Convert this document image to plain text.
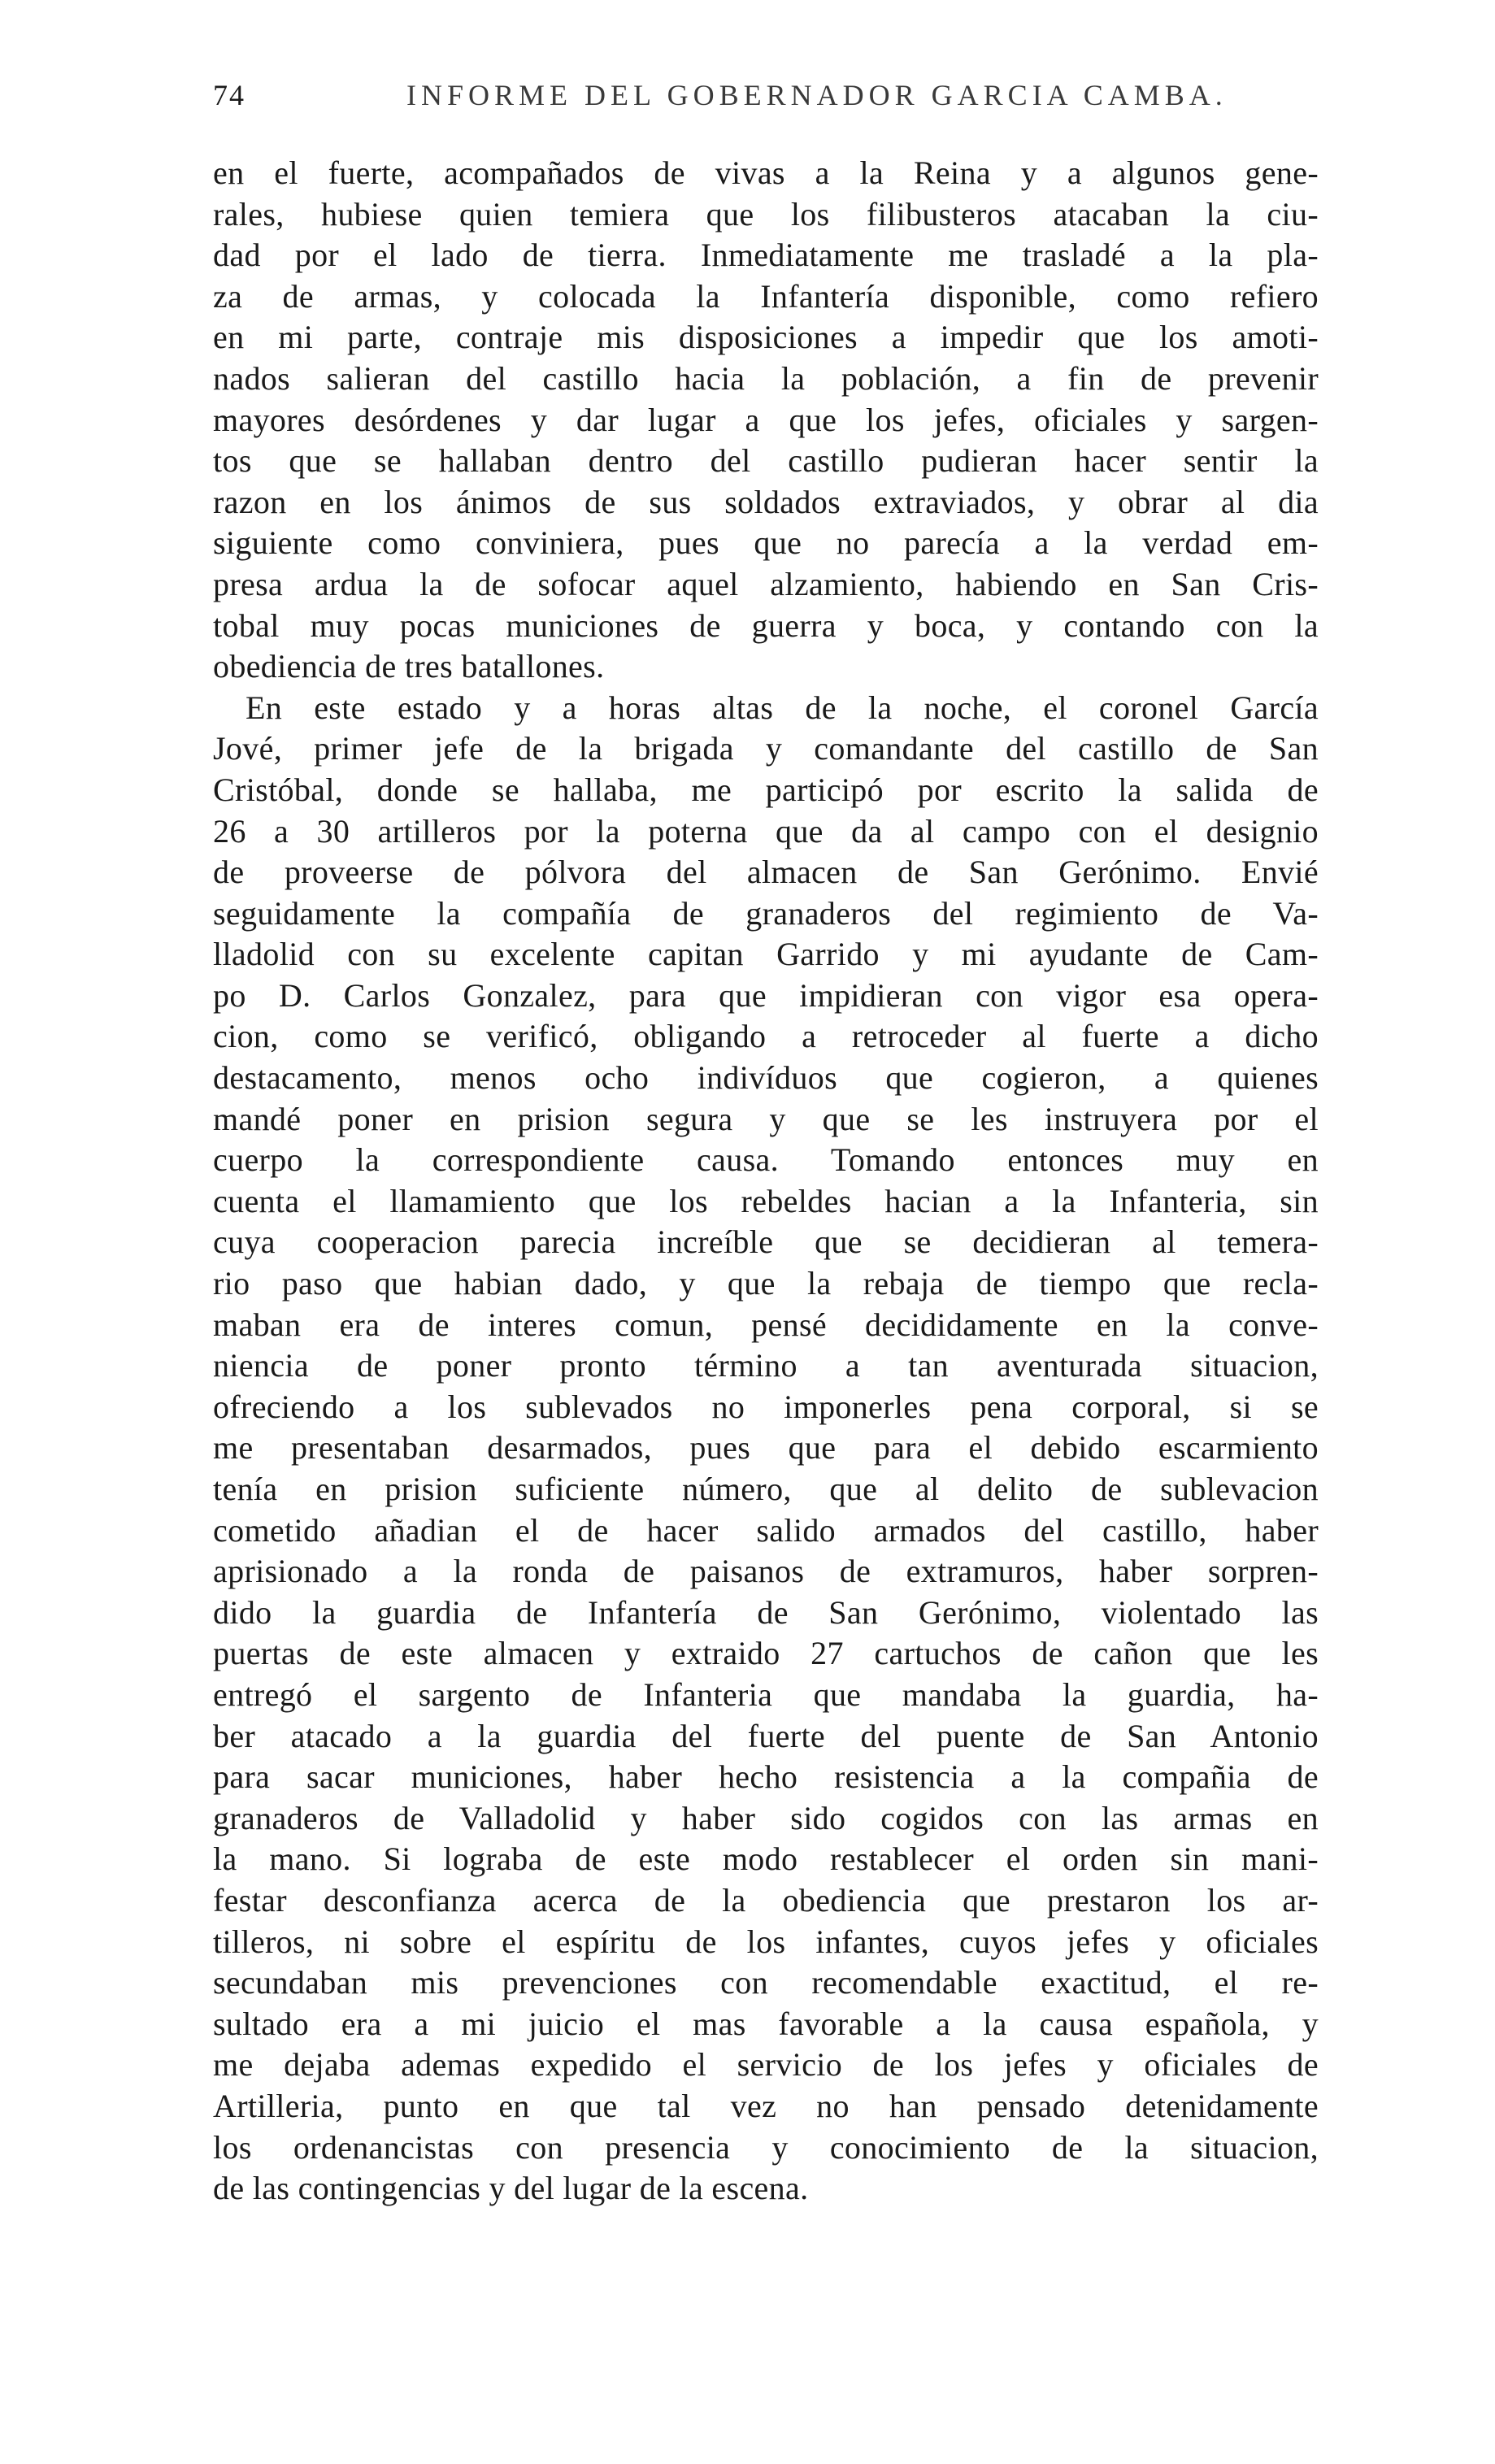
74	INFORME DEL GOBERNADOR GARCIA CAMBA.
en el fuerte, acompañados de vivas a la Reina y a algunos gene-
rales, hubiese quien temiera que los filibusteros atacaban la ciu-
dad por el lado de tierra. Inmediatamente me trasladé a la pla-
za de armas, y colocada la Infantería disponible, como refiero
en mi parte, contraje mis disposiciones a impedir que los amoti-
nados salieran del castillo hacia la población, a fin de prevenir
mayores desórdenes y dar lugar a que los jefes, oficiales y sargen-
tos que se hallaban dentro del castillo pudieran hacer sentir la
razon en los ánimos de sus soldados extraviados, y obrar al dia
siguiente como conviniera, pues que no parecía a la verdad em-
presa ardua la de sofocar aquel alzamiento, habiendo en San Cris-
tobal muy pocas municiones de guerra y boca, y contando con la
obediencia de tres batallones.
En este estado y a horas altas de la noche, el coronel García
Jové, primer jefe de la brigada y comandante del castillo de San
Cristóbal, donde se hallaba, me participó por escrito la salida de
26 a 30 artilleros por la poterna que da al campo con el designio
de proveerse de pólvora del almacen de San Gerónimo. Envié
seguidamente la compañía de granaderos del regimiento de Va-
lladolid con su excelente capitan Garrido y mi ayudante de Cam-
po D. Carlos Gonzalez, para que impidieran con vigor esa opera-
cion, como se verificó, obligando a retroceder al fuerte a dicho
destacamento, menos ocho indivíduos que cogieron, a quienes
mandé poner en prision segura y que se les instruyera por el
cuerpo la correspondiente causa. Tomando entonces muy en
cuenta el llamamiento que los rebeldes hacian a la Infanteria, sin
cuya cooperacion parecia increíble que se decidieran al temera-
rio paso que habian dado, y que la rebaja de tiempo que recla-
maban era de interes comun, pensé decididamente en la conve-
niencia de poner pronto término a tan aventurada situacion,
ofreciendo a los sublevados no imponerles pena corporal, si se
me presentaban desarmados, pues que para el debido escarmiento
tenía en prision suficiente número, que al delito de sublevacion
cometido añadian el de hacer salido armados del castillo, haber
aprisionado a la ronda de paisanos de extramuros, haber sorpren-
dido la guardia de Infantería de San Gerónimo, violentado las
puertas de este almacen y extraido 27 cartuchos de cañon que les
entregó el sargento de Infanteria que mandaba la guardia, ha-
ber atacado a la guardia del fuerte del puente de San Antonio
para sacar municiones, haber hecho resistencia a la compañia de
granaderos de Valladolid y haber sido cogidos con las armas en
la mano. Si lograba de este modo restablecer el orden sin mani-
festar desconfianza acerca de la obediencia que prestaron los ar-
tilleros, ni sobre el espíritu de los infantes, cuyos jefes y oficiales
secundaban mis prevenciones con recomendable exactitud, el re-
sultado era a mi juicio el mas favorable a la causa española, y
me dejaba ademas expedido el servicio de los jefes y oficiales de
Artilleria, punto en que tal vez no han pensado detenidamente
los ordenancistas con presencia y conocimiento de la situacion,
de las contingencias y del lugar de la escena.
